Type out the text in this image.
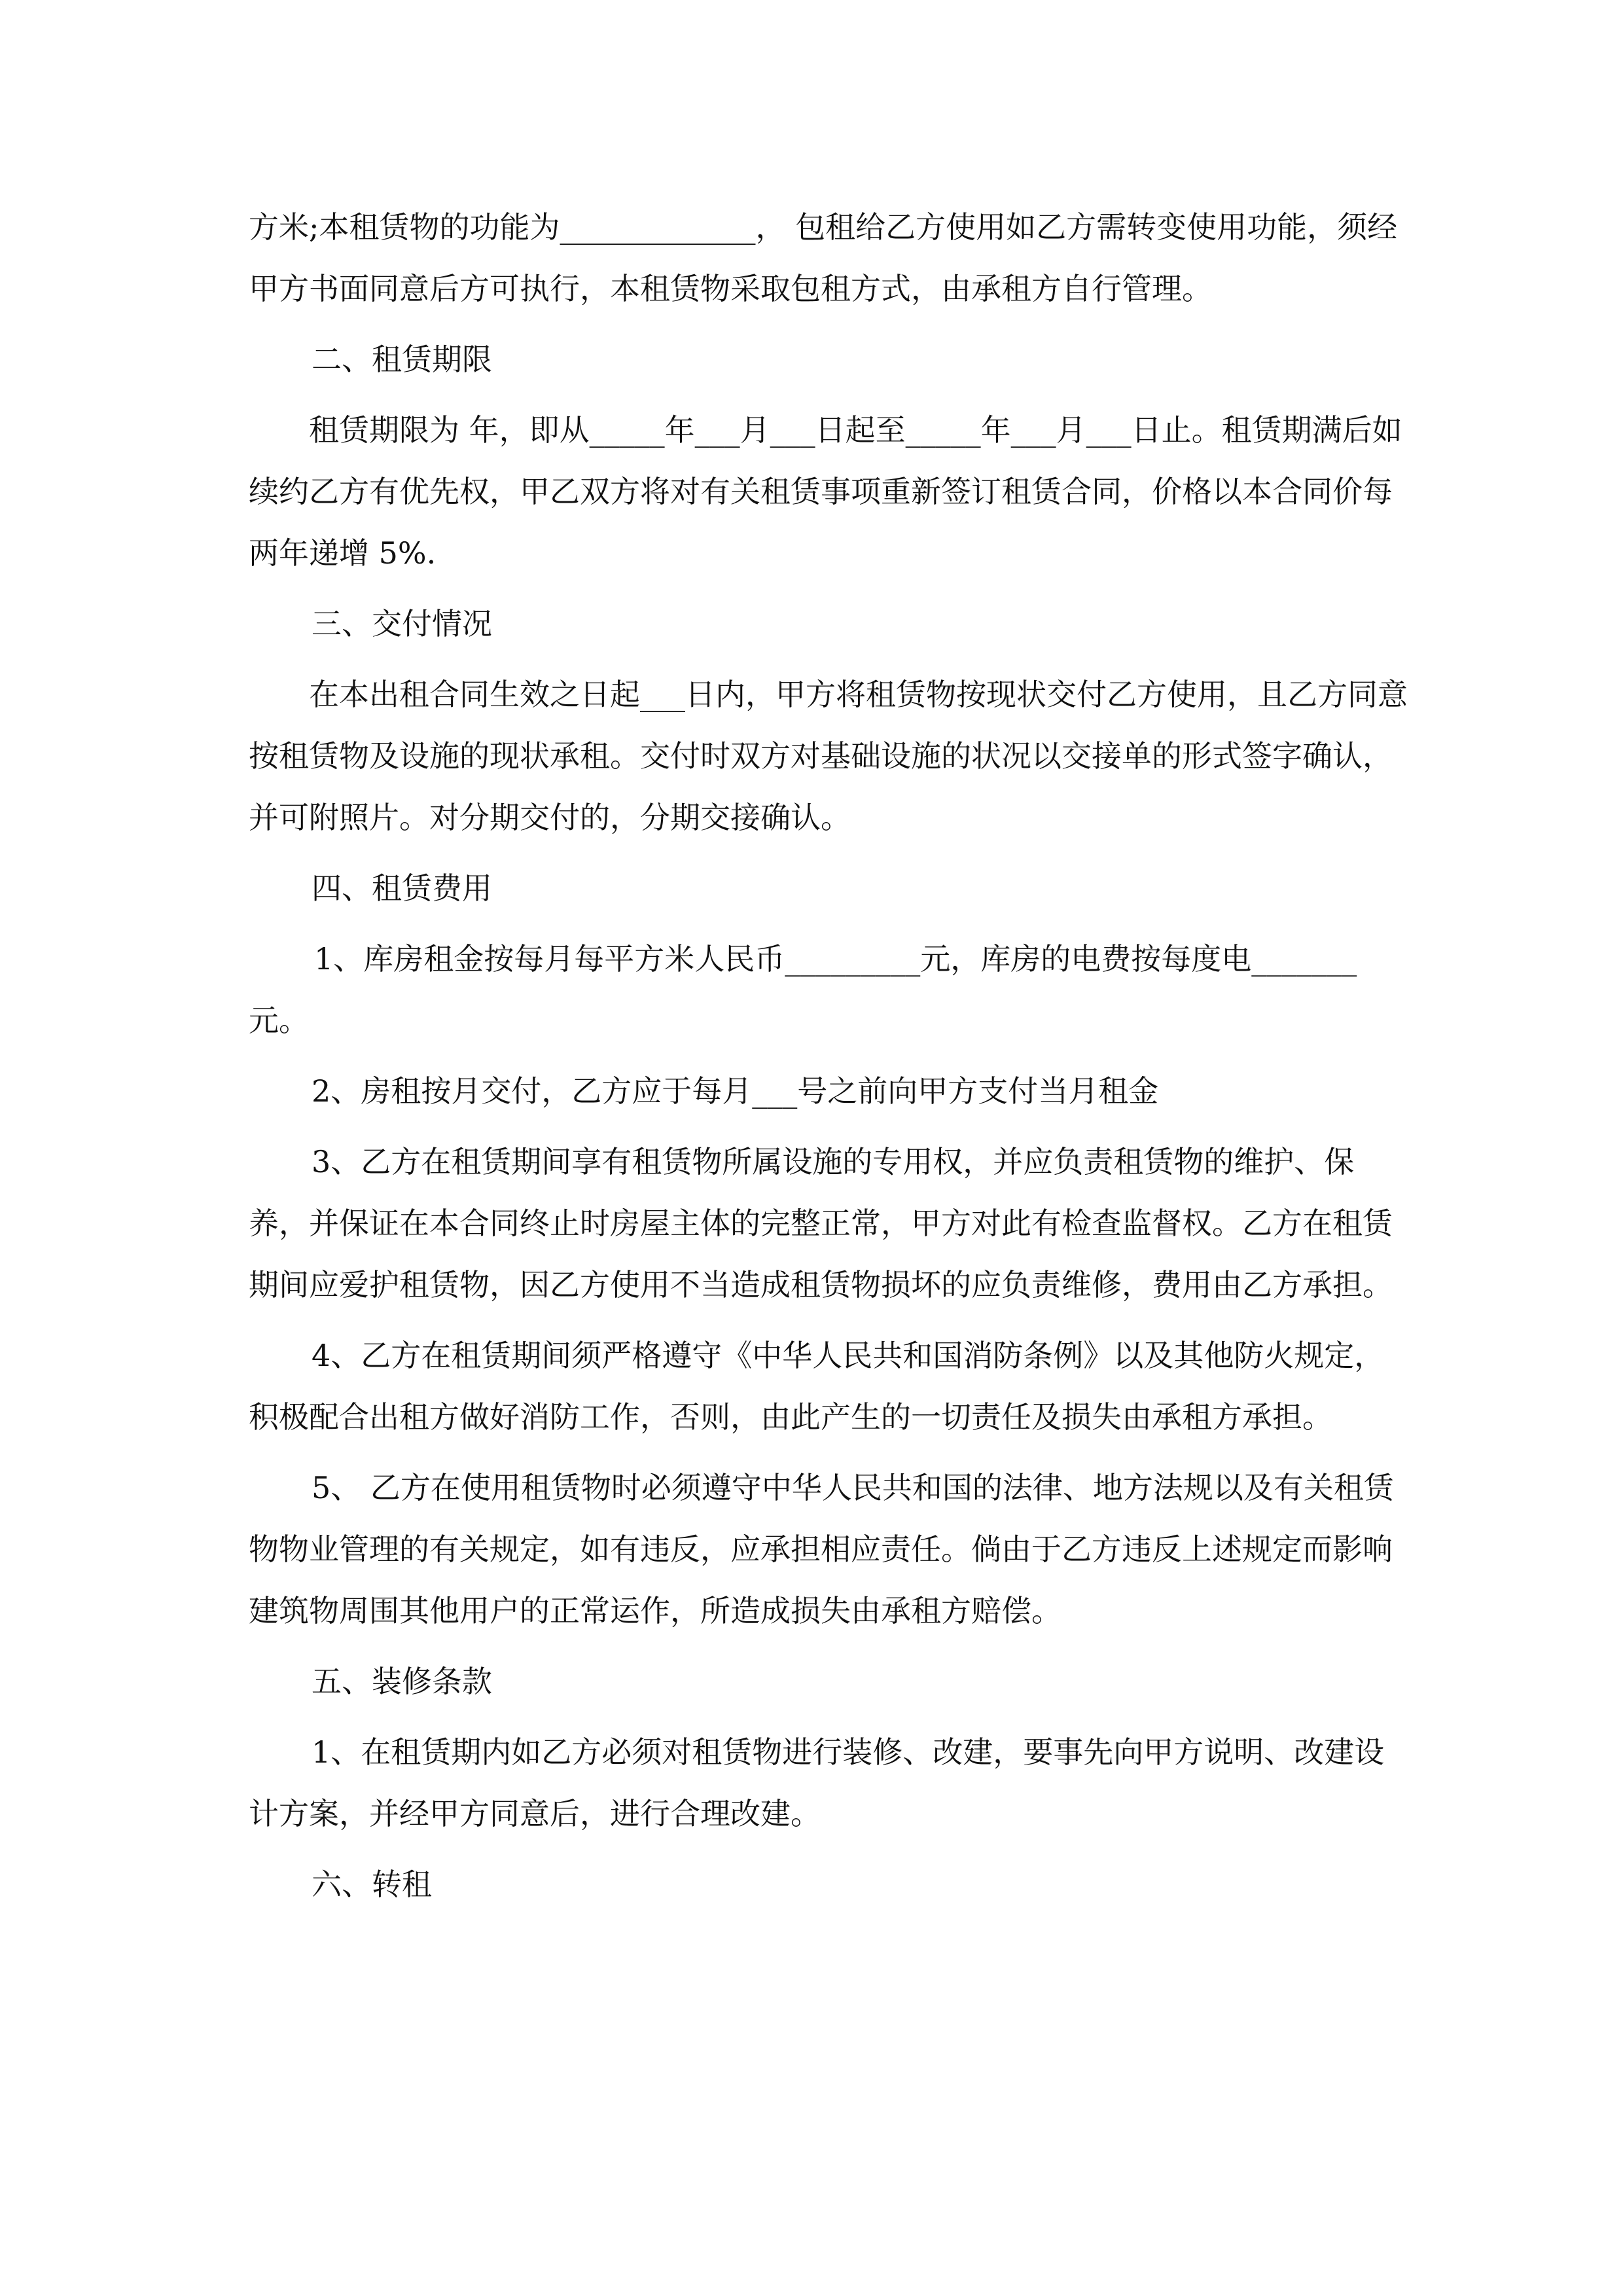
方米;本租赁物的功能为_____________， 包租给乙方使用如乙方需转变使用功能，须经甲方书面同意后方可执行，本租赁物采取包租方式，由承租方自行管理。

二、租赁期限

租赁期限为 年，即从_____年___月___日起至_____年___月___日止。租赁期满后如续约乙方有优先权，甲乙双方将对有关租赁事项重新签订租赁合同，价格以本合同价每两年递增 5%.

三、交付情况

在本出租合同生效之日起___日内，甲方将租赁物按现状交付乙方使用，且乙方同意按租赁物及设施的现状承租。交付时双方对基础设施的状况以交接单的形式签字确认，并可附照片。对分期交付的，分期交接确认。

四、租赁费用

1、库房租金按每月每平方米人民币_________元，库房的电费按每度电_______元。

2、房租按月交付，乙方应于每月___号之前向甲方支付当月租金

3、乙方在租赁期间享有租赁物所属设施的专用权，并应负责租赁物的维护、保养，并保证在本合同终止时房屋主体的完整正常，甲方对此有检查监督权。乙方在租赁期间应爱护租赁物，因乙方使用不当造成租赁物损坏的应负责维修，费用由乙方承担。

4、乙方在租赁期间须严格遵守《中华人民共和国消防条例》以及其他防火规定，积极配合出租方做好消防工作，否则，由此产生的一切责任及损失由承租方承担。

5、 乙方在使用租赁物时必须遵守中华人民共和国的法律、地方法规以及有关租赁物物业管理的有关规定，如有违反，应承担相应责任。倘由于乙方违反上述规定而影响建筑物周围其他用户的正常运作，所造成损失由承租方赔偿。

五、装修条款

1、在租赁期内如乙方必须对租赁物进行装修、改建，要事先向甲方说明、改建设计方案，并经甲方同意后，进行合理改建。

六、转租
